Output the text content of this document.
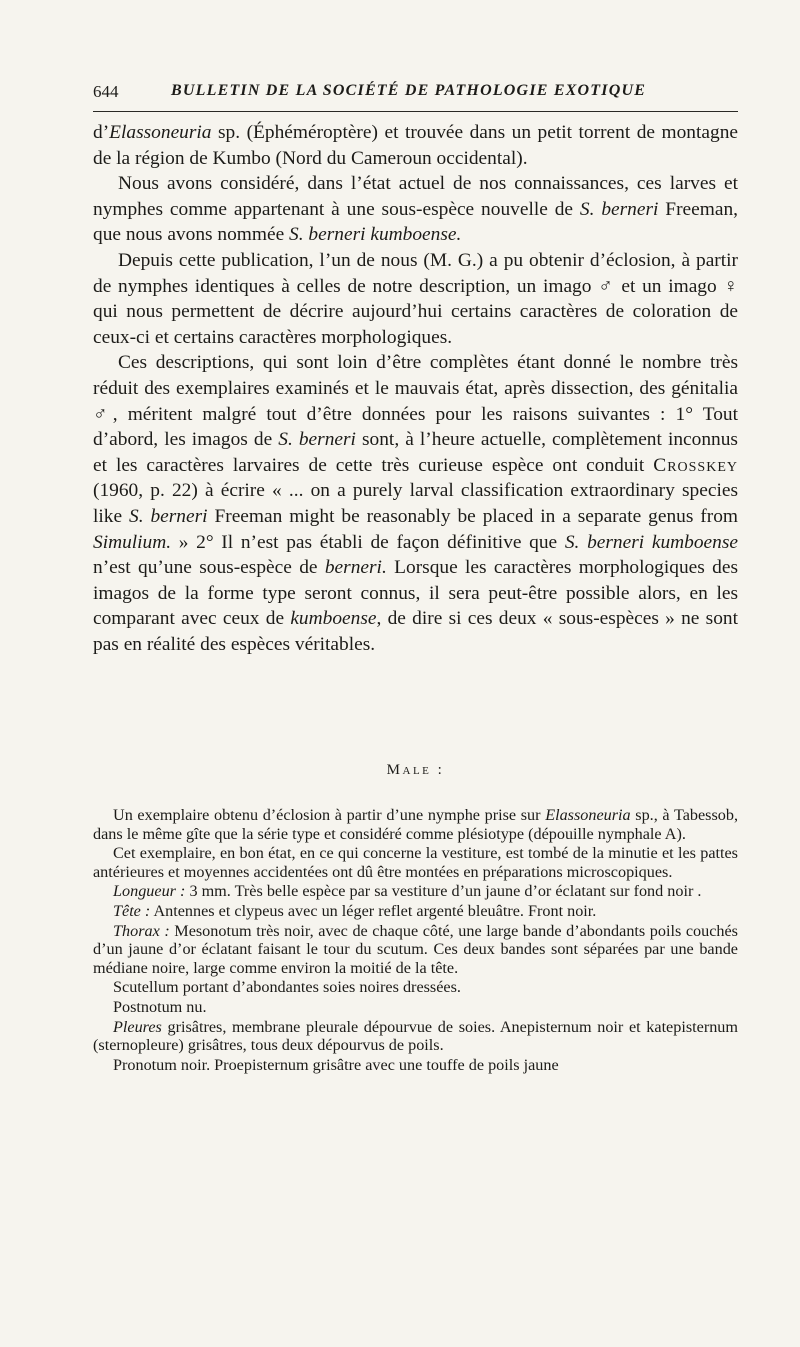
644	BULLETIN DE LA SOCIÉTÉ DE PATHOLOGIE EXOTIQUE

d’Elassoneuria sp. (Éphéméroptère) et trouvée dans un petit torrent de montagne de la région de Kumbo (Nord du Cameroun occidental).

Nous avons considéré, dans l’état actuel de nos connaissances, ces larves et nymphes comme appartenant à une sous-espèce nouvelle de S. berneri Freeman, que nous avons nommée S. berneri kumboense.

Depuis cette publication, l’un de nous (M. G.) a pu obtenir d’éclosion, à partir de nymphes identiques à celles de notre description, un imago ♂ et un imago ♀ qui nous permettent de décrire aujourd’hui certains caractères de coloration de ceux-ci et certains caractères morphologiques.

Ces descriptions, qui sont loin d’être complètes étant donné le nombre très réduit des exemplaires examinés et le mauvais état, après dissection, des génitalia ♂, méritent malgré tout d’être données pour les raisons suivantes : 1° Tout d’abord, les imagos de S. berneri sont, à l’heure actuelle, complètement inconnus et les caractères larvaires de cette très curieuse espèce ont conduit Crosskey (1960, p. 22) à écrire « ... on a purely larval classification extraordinary species like S. berneri Freeman might be reasonably be placed in a separate genus from Simulium. » 2° Il n’est pas établi de façon définitive que S. berneri kumboense n’est qu’une sous-espèce de berneri. Lorsque les caractères morphologiques des imagos de la forme type seront connus, il sera peut-être possible alors, en les comparant avec ceux de kumboense, de dire si ces deux « sous-espèces » ne sont pas en réalité des espèces véritables.

Male :

Un exemplaire obtenu d’éclosion à partir d’une nymphe prise sur Elassoneuria sp., à Tabessob, dans le même gîte que la série type et considéré comme plésiotype (dépouille nymphale A).

Cet exemplaire, en bon état, en ce qui concerne la vestiture, est tombé de la minutie et les pattes antérieures et moyennes accidentées ont dû être montées en préparations microscopiques.

Longueur : 3 mm. Très belle espèce par sa vestiture d’un jaune d’or éclatant sur fond noir .

Tête : Antennes et clypeus avec un léger reflet argenté bleuâtre. Front noir.

Thorax : Mesonotum très noir, avec de chaque côté, une large bande d’abondants poils couchés d’un jaune d’or éclatant faisant le tour du scutum. Ces deux bandes sont séparées par une bande médiane noire, large comme environ la moitié de la tête.

Scutellum portant d’abondantes soies noires dressées.

Postnotum nu.

Pleures grisâtres, membrane pleurale dépourvue de soies. Anepisternum noir et katepisternum (sternopleure) grisâtres, tous deux dépourvus de poils.

Pronotum noir. Proepisternum grisâtre avec une touffe de poils jaune
